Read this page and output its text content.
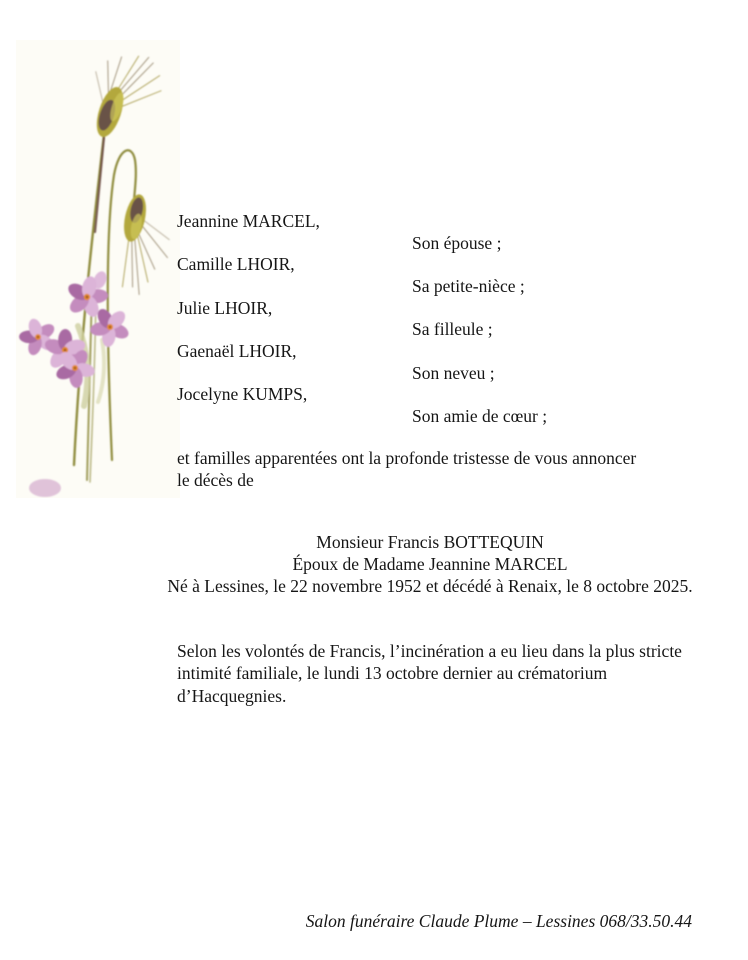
Jeannine MARCEL,
Son épouse ;
Camille LHOIR,
Sa petite-nièce ;
Julie LHOIR,
Sa filleule ;
Gaenaël LHOIR,
Son neveu ;
Jocelyne KUMPS,
Son amie de cœur ;
et familles apparentées ont la profonde tristesse de vous annoncer
le décès de
Monsieur Francis BOTTEQUIN
Époux de Madame Jeannine MARCEL
Né à Lessines, le 22 novembre 1952 et décédé à Renaix, le 8 octobre 2025.
Selon les volontés de Francis, l’incinération a eu lieu dans la plus stricte
intimité familiale, le lundi 13 octobre dernier au crématorium
d’Hacquegnies.
Salon funéraire Claude Plume – Lessines 068/33.50.44
